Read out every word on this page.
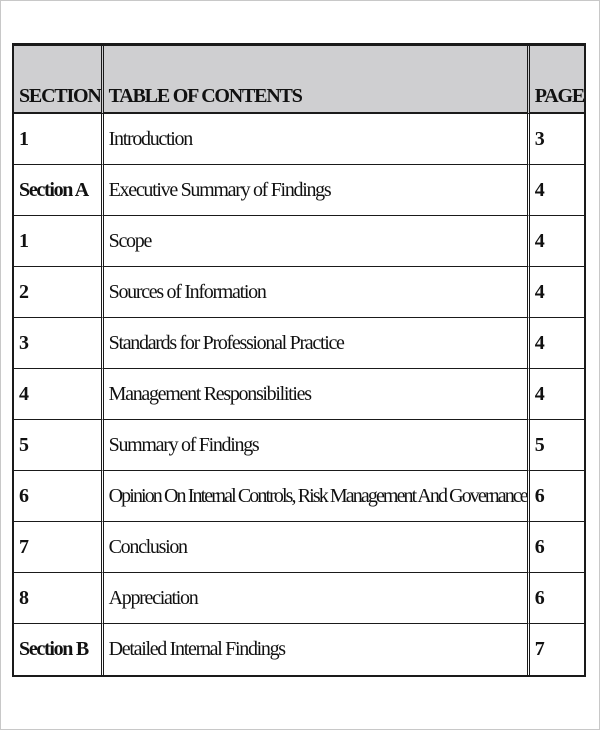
SECTION	TABLE OF CONTENTS	PAGE
1	Introduction	3
Section A	Executive Summary of Findings	4
1	Scope	4
2	Sources of Information	4
3	Standards for Professional Practice	4
4	Management Responsibilities	4
5	Summary of Findings	5
6	Opinion On Internal Controls, Risk Management And Governance	6
7	Conclusion	6
8	Appreciation	6
Section B	Detailed Internal Findings	7
